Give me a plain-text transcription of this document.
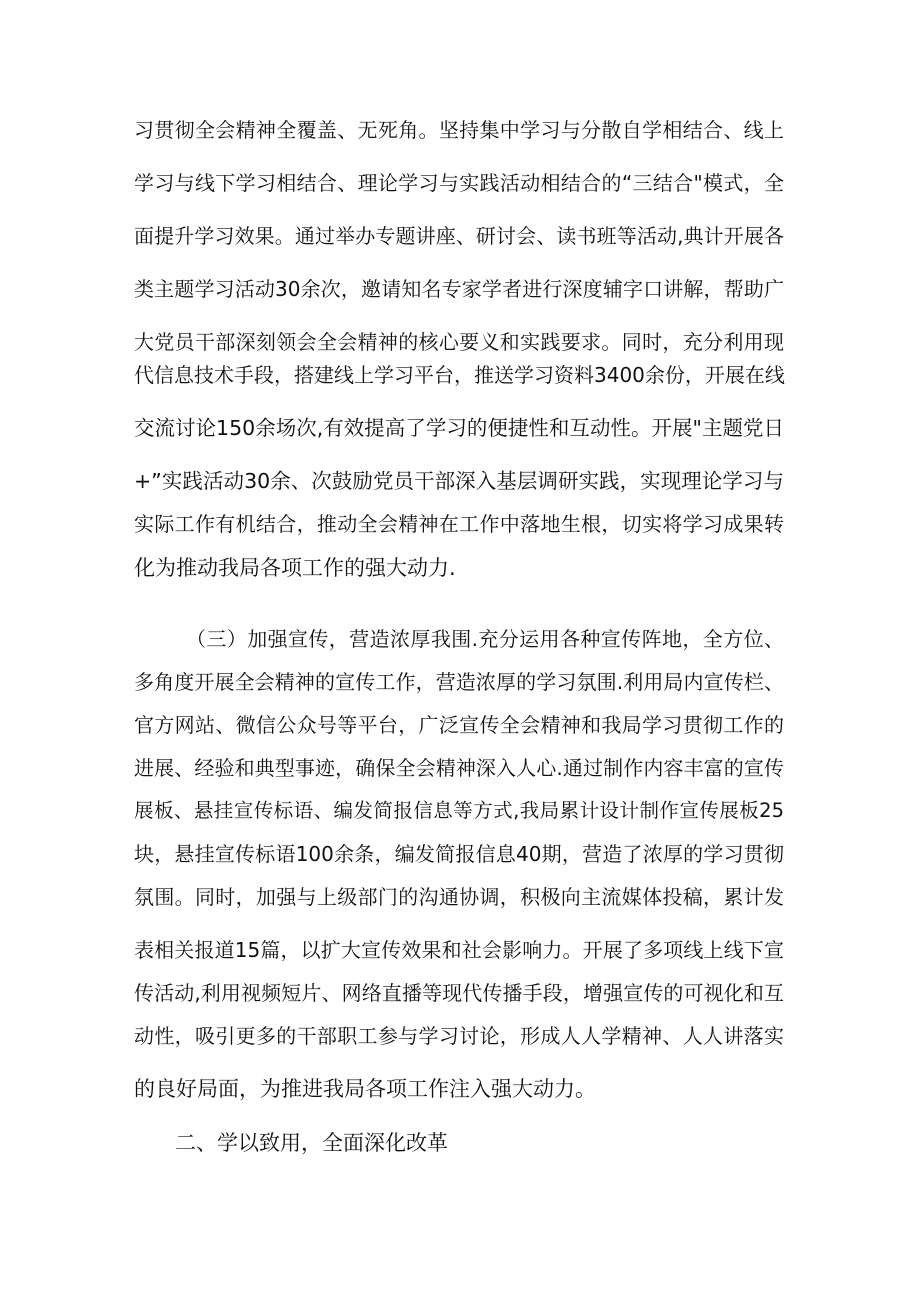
习贯彻全会精神全覆盖、无死角。坚持集中学习与分散自学相结合、线上
学习与线下学习相结合、理论学习与实践活动相结合的“三结合"模式，全
面提升学习效果。通过举办专题讲座、研讨会、读书班等活动,典计开展各
类主题学习活动30余次，邀请知名专家学者进行深度辅字口讲解，帮助广
大党员干部深刻领会全会精神的核心要义和实践要求。同时，充分利用现
代信息技术手段，搭建线上学习平台，推送学习资料3400余份，开展在线
交流讨论150余场次,有效提高了学习的便捷性和互动性。开展"主题党日
+”实践活动30余、次鼓励党员干部深入基层调研实践，实现理论学习与
实际工作有机结合，推动全会精神在工作中落地生根，切实将学习成果转
化为推动我局各项工作的强大动力.
（三）加强宣传，营造浓厚我围.充分运用各种宣传阵地，全方位、
多角度开展全会精神的宣传工作，营造浓厚的学习氛围.利用局内宣传栏、
官方网站、微信公众号等平台，广泛宣传全会精神和我局学习贯彻工作的
进展、经验和典型事迹，确保全会精神深入人心.通过制作内容丰富的宣传
展板、悬挂宣传标语、编发简报信息等方式,我局累计设计制作宣传展板25
块，悬挂宣传标语100余条，编发简报信息40期，营造了浓厚的学习贯彻
氛围。同时，加强与上级部门的沟通协调，积极向主流媒体投稿，累计发
表相关报道15篇，以扩大宣传效果和社会影响力。开展了多项线上线下宣
传活动,利用视频短片、网络直播等现代传播手段，增强宣传的可视化和互
动性，吸引更多的干部职工参与学习讨论，形成人人学精神、人人讲落实
的良好局面，为推进我局各项工作注入强大动力。
二、学以致用，全面深化改革
